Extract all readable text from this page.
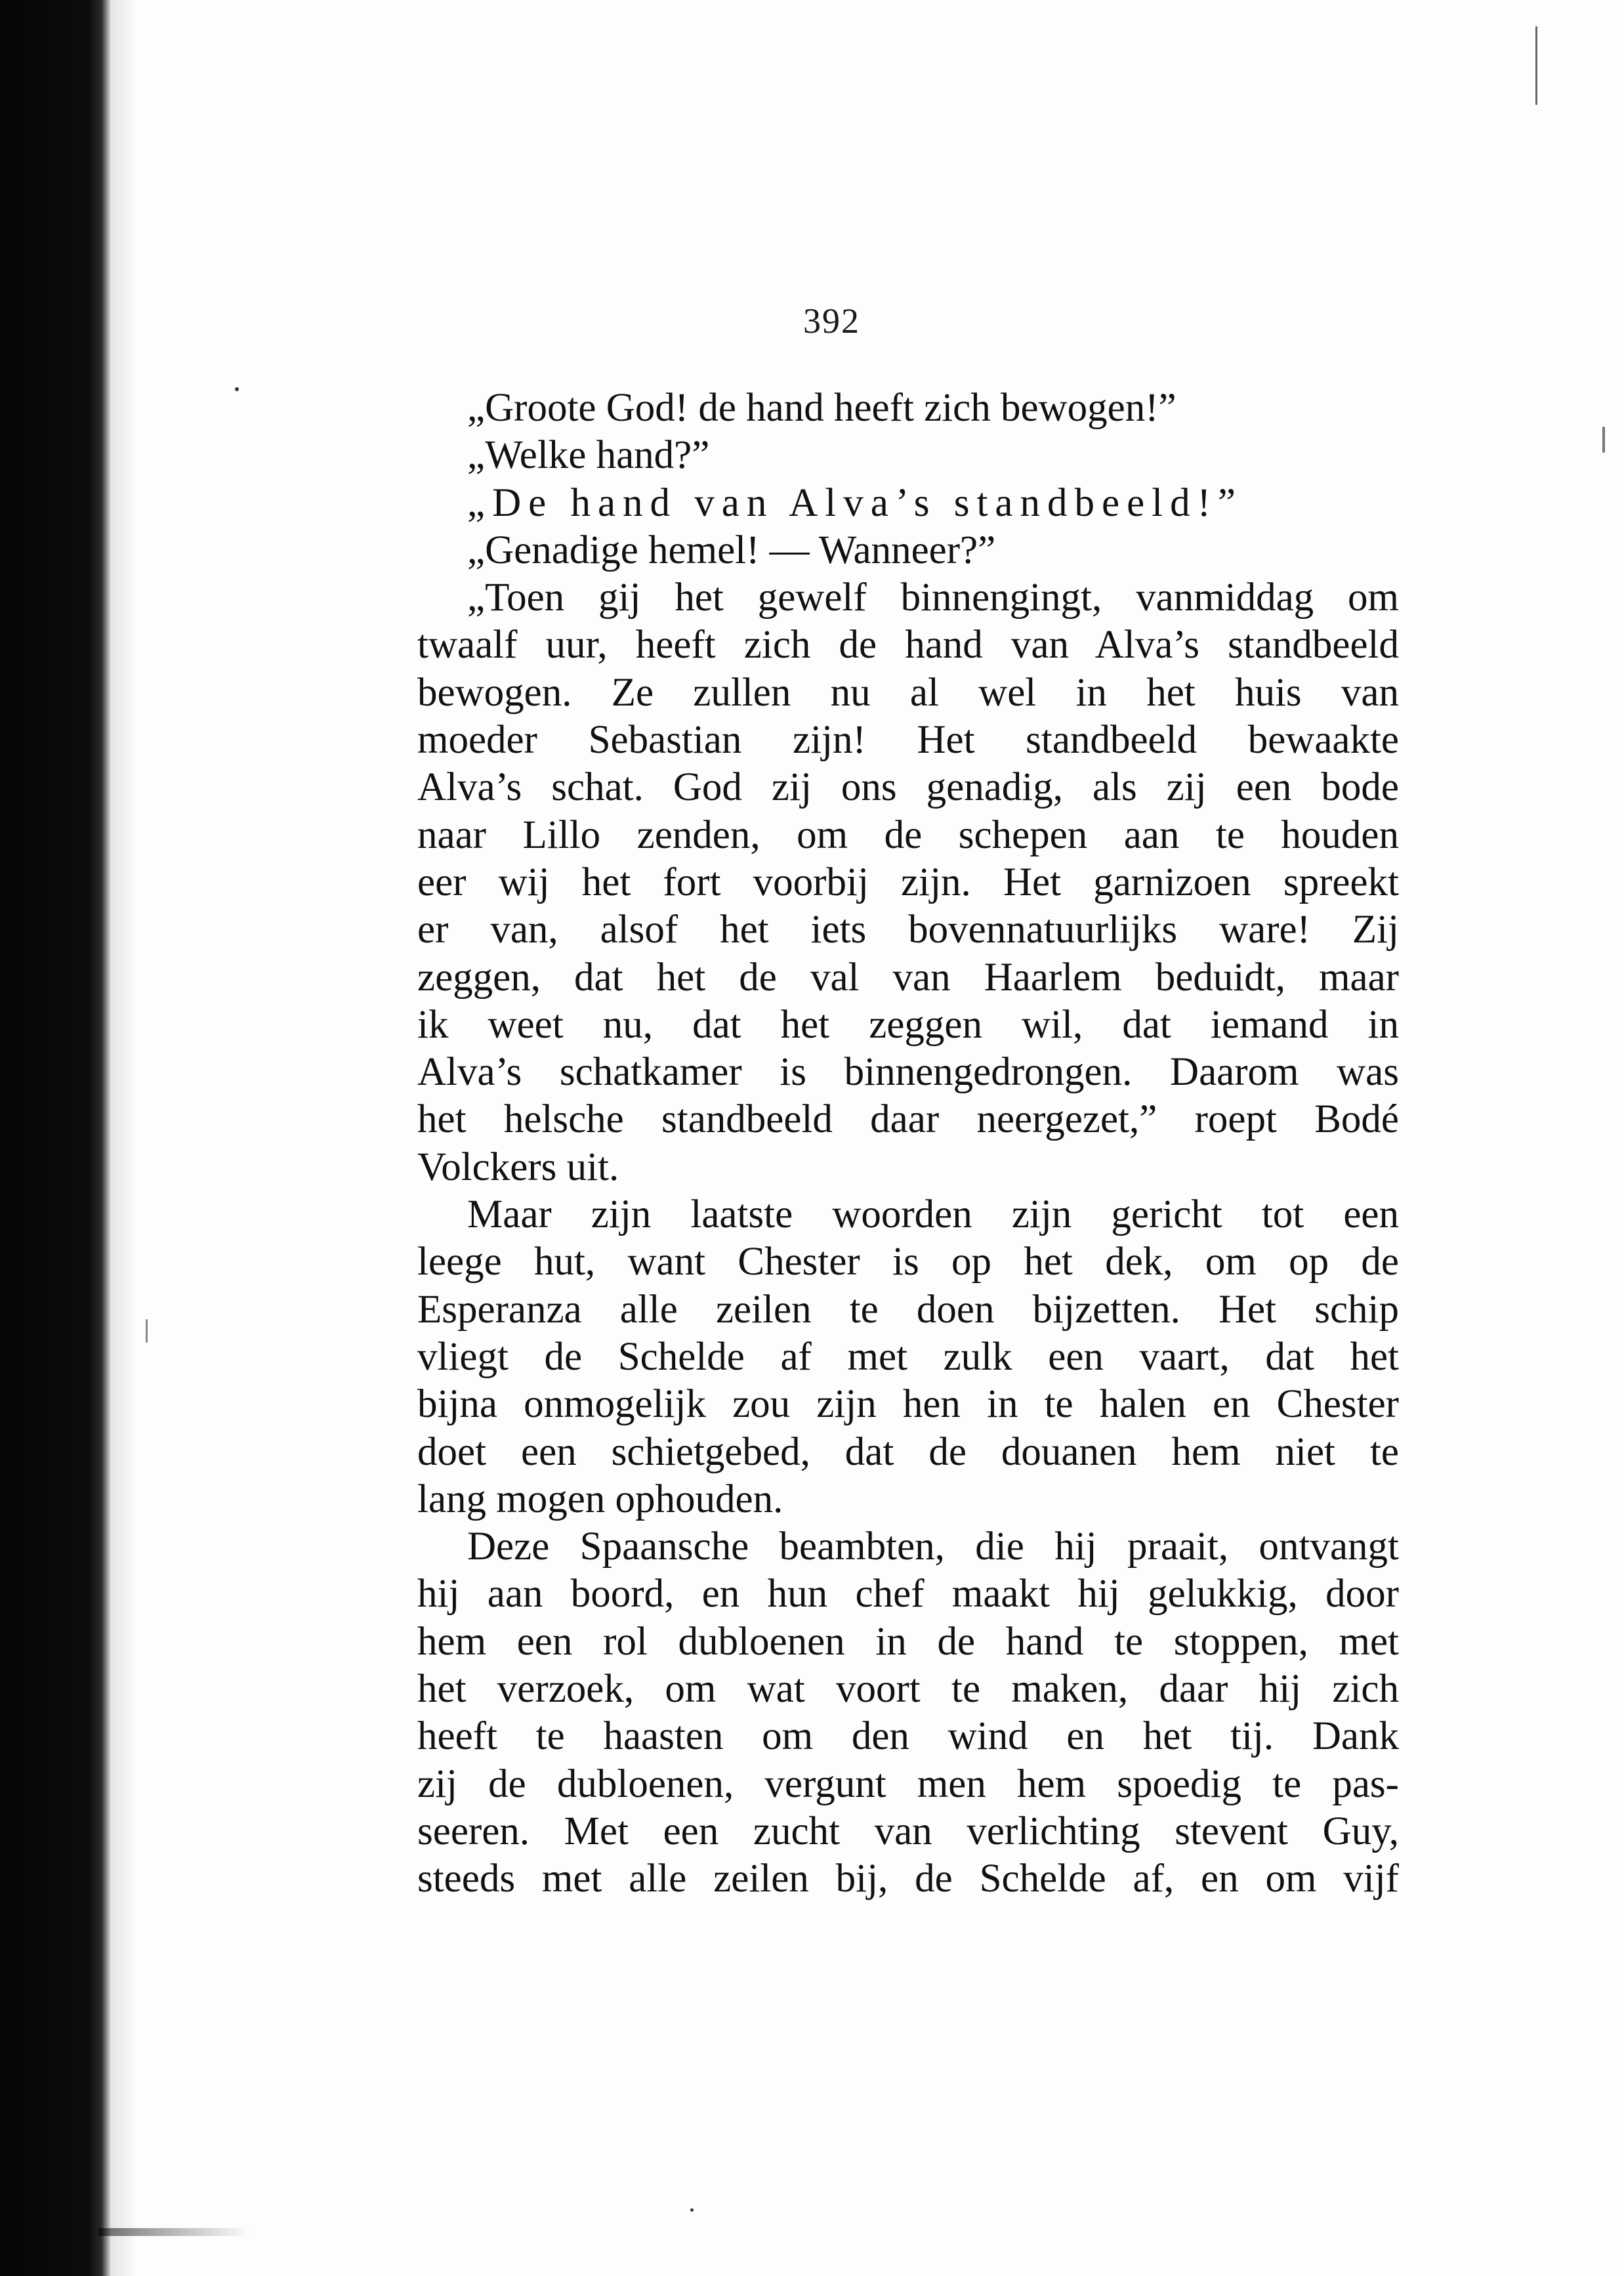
392
„Groote God! de hand heeft zich bewogen!”
„Welke hand?”
„De hand van Alva’s standbeeld!”
„Genadige hemel! — Wanneer?”
„Toen gij het gewelf binnengingt, vanmiddag om
twaalf uur, heeft zich de hand van Alva’s standbeeld
bewogen. Ze zullen nu al wel in het huis van
moeder Sebastian zijn! Het standbeeld bewaakte
Alva’s schat. God zij ons genadig, als zij een bode
naar Lillo zenden, om de schepen aan te houden
eer wij het fort voorbij zijn. Het garnizoen spreekt
er van, alsof het iets bovennatuurlijks ware! Zij
zeggen, dat het de val van Haarlem beduidt, maar
ik weet nu, dat het zeggen wil, dat iemand in
Alva’s schatkamer is binnengedrongen. Daarom was
het helsche standbeeld daar neergezet,” roept Bodé
Volckers uit.
Maar zijn laatste woorden zijn gericht tot een
leege hut, want Chester is op het dek, om op de
Esperanza alle zeilen te doen bijzetten. Het schip
vliegt de Schelde af met zulk een vaart, dat het
bijna onmogelijk zou zijn hen in te halen en Chester
doet een schietgebed, dat de douanen hem niet te
lang mogen ophouden.
Deze Spaansche beambten, die hij praait, ontvangt
hij aan boord, en hun chef maakt hij gelukkig, door
hem een rol dubloenen in de hand te stoppen, met
het verzoek, om wat voort te maken, daar hij zich
heeft te haasten om den wind en het tij. Dank
zij de dubloenen, vergunt men hem spoedig te pas-
seeren. Met een zucht van verlichting stevent Guy,
steeds met alle zeilen bij, de Schelde af, en om vijf
